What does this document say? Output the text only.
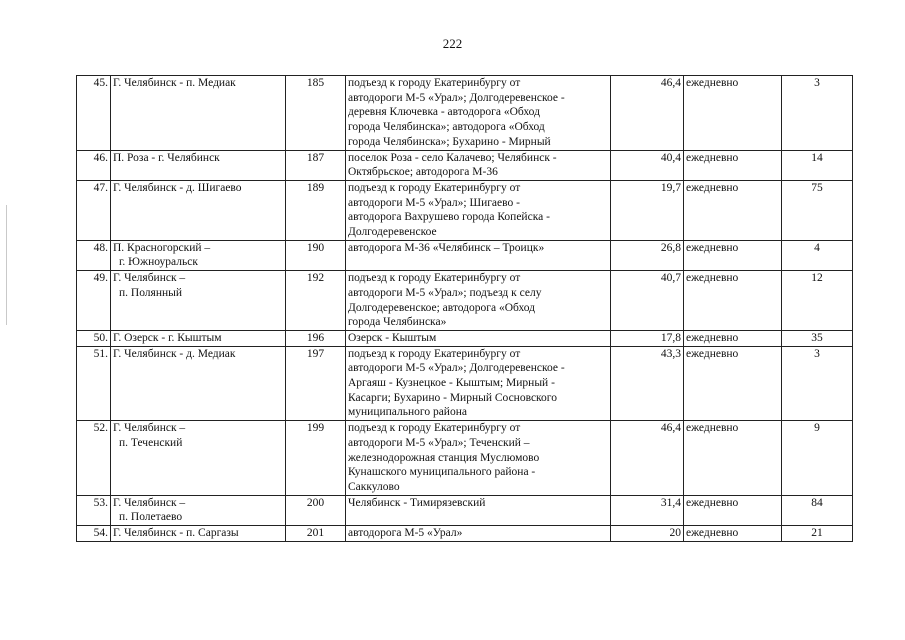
222
45.	Г. Челябинск - п. Медиак	185	подъезд к городу Екатеринбургу от
автодороги М-5 «Урал»; Долгодеревенское -
деревня Ключевка - автодорога «Обход
города Челябинска»; автодорога «Обход
города Челябинска»; Бухарино - Мирный	46,4	ежедневно	3
46.	П. Роза - г. Челябинск	187	поселок Роза - село Калачево; Челябинск -
Октябрьское; автодорога М-36	40,4	ежедневно	14
47.	Г. Челябинск - д. Шигаево	189	подъезд к городу Екатеринбургу от
автодороги М-5 «Урал»; Шигаево -
автодорога Вахрушево города Копейска -
Долгодеревенское	19,7	ежедневно	75
48.	П. Красногорский –
г. Южноуральск	190	автодорога М-36 «Челябинск – Троицк»	26,8	ежедневно	4
49.	Г. Челябинск –
п. Полянный	192	подъезд к городу Екатеринбургу от
автодороги М-5 «Урал»; подъезд к селу
Долгодеревенское; автодорога «Обход
города Челябинска»	40,7	ежедневно	12
50.	Г. Озерск - г. Кыштым	196	Озерск - Кыштым	17,8	ежедневно	35
51.	Г. Челябинск - д. Медиак	197	подъезд к городу Екатеринбургу от
автодороги М-5 «Урал»; Долгодеревенское -
Аргаяш - Кузнецкое - Кыштым; Мирный -
Касарги; Бухарино - Мирный Сосновского
муниципального района	43,3	ежедневно	3
52.	Г. Челябинск –
п. Теченский	199	подъезд к городу Екатеринбургу от
автодороги М-5 «Урал»; Теченский –
железнодорожная станция Муслюмово
Кунашского муниципального района -
Саккулово	46,4	ежедневно	9
53.	Г. Челябинск –
п. Полетаево	200	Челябинск - Тимирязевский	31,4	ежедневно	84
54.	Г. Челябинск - п. Саргазы	201	автодорога М-5 «Урал»	20	ежедневно	21
